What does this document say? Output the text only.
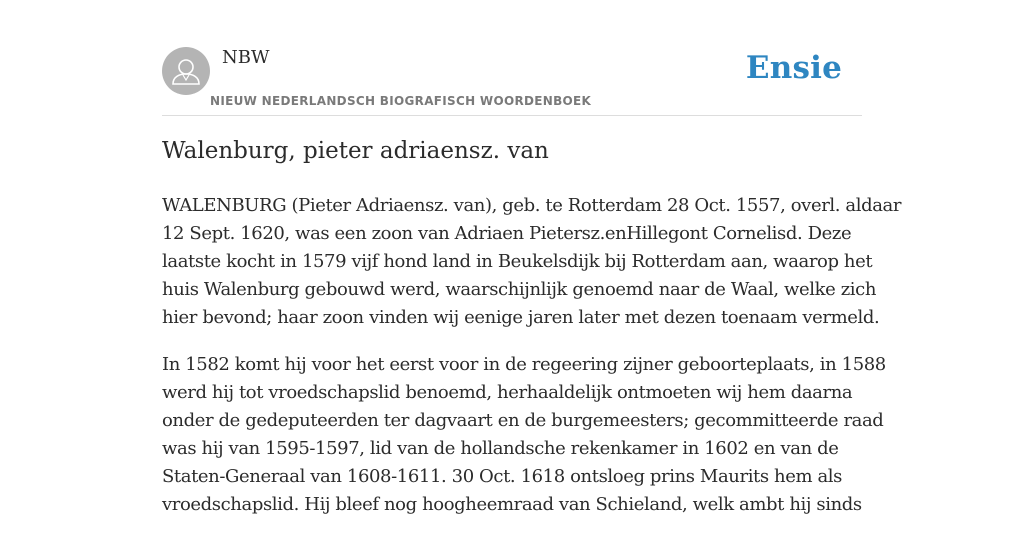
NBW
NIEUW NEDERLANDSCH BIOGRAFISCH WOORDENBOEK
Ensie
Walenburg, pieter adriaensz. van

WALENBURG (Pieter Adriaensz. van), geb. te Rotterdam 28 Oct. 1557, overl. aldaar
12 Sept. 1620, was een zoon van Adriaen Pietersz.enHillegont Cornelisd. Deze
laatste kocht in 1579 vijf hond land in Beukelsdijk bij Rotterdam aan, waarop het
huis Walenburg gebouwd werd, waarschijnlijk genoemd naar de Waal, welke zich
hier bevond; haar zoon vinden wij eenige jaren later met dezen toenaam vermeld.

In 1582 komt hij voor het eerst voor in de regeering zijner geboorteplaats, in 1588
werd hij tot vroedschapslid benoemd, herhaaldelijk ontmoeten wij hem daarna
onder de gedeputeerden ter dagvaart en de burgemeesters; gecommitteerde raad
was hij van 1595-1597, lid van de hollandsche rekenkamer in 1602 en van de
Staten-Generaal van 1608-1611. 30 Oct. 1618 ontsloeg prins Maurits hem als
vroedschapslid. Hij bleef nog hoogheemraad van Schieland, welk ambt hij sinds
